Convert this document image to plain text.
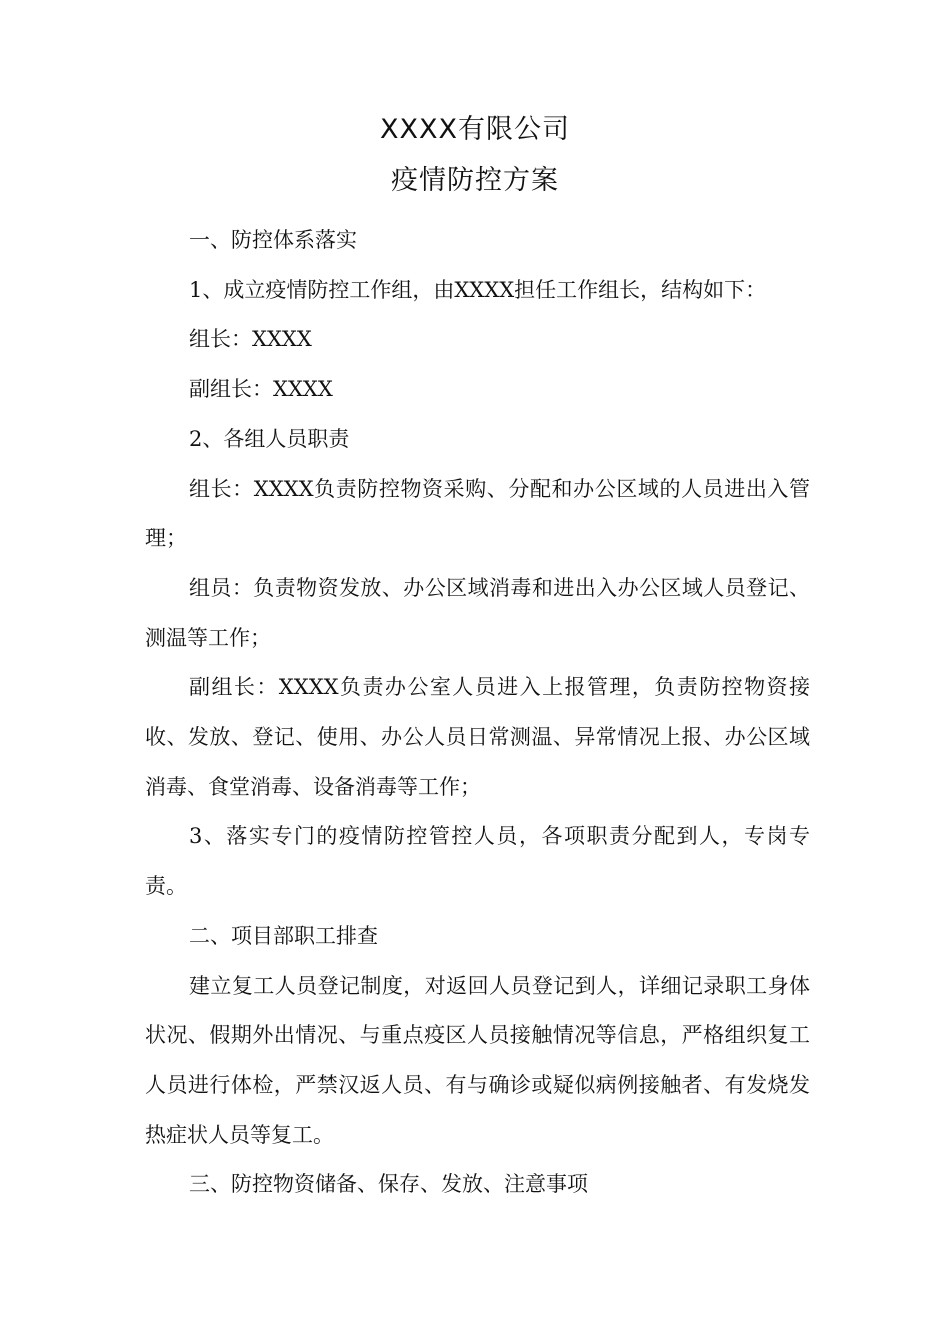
XXXX有限公司
疫情防控方案

一、防控体系落实

1、成立疫情防控工作组，由XXXX担任工作组长，结构如下：

组长：XXXX

副组长：XXXX

2、各组人员职责

组长：XXXX负责防控物资采购、分配和办公区域的人员进出入管理；

组员：负责物资发放、办公区域消毒和进出入办公区域人员登记、测温等工作；

副组长：XXXX负责办公室人员进入上报管理，负责防控物资接收、发放、登记、使用、办公人员日常测温、异常情况上报、办公区域消毒、食堂消毒、设备消毒等工作；

3、落实专门的疫情防控管控人员，各项职责分配到人，专岗专责。

二、项目部职工排查

建立复工人员登记制度，对返回人员登记到人，详细记录职工身体状况、假期外出情况、与重点疫区人员接触情况等信息，严格组织复工人员进行体检，严禁汉返人员、有与确诊或疑似病例接触者、有发烧发热症状人员等复工。

三、防控物资储备、保存、发放、注意事项
